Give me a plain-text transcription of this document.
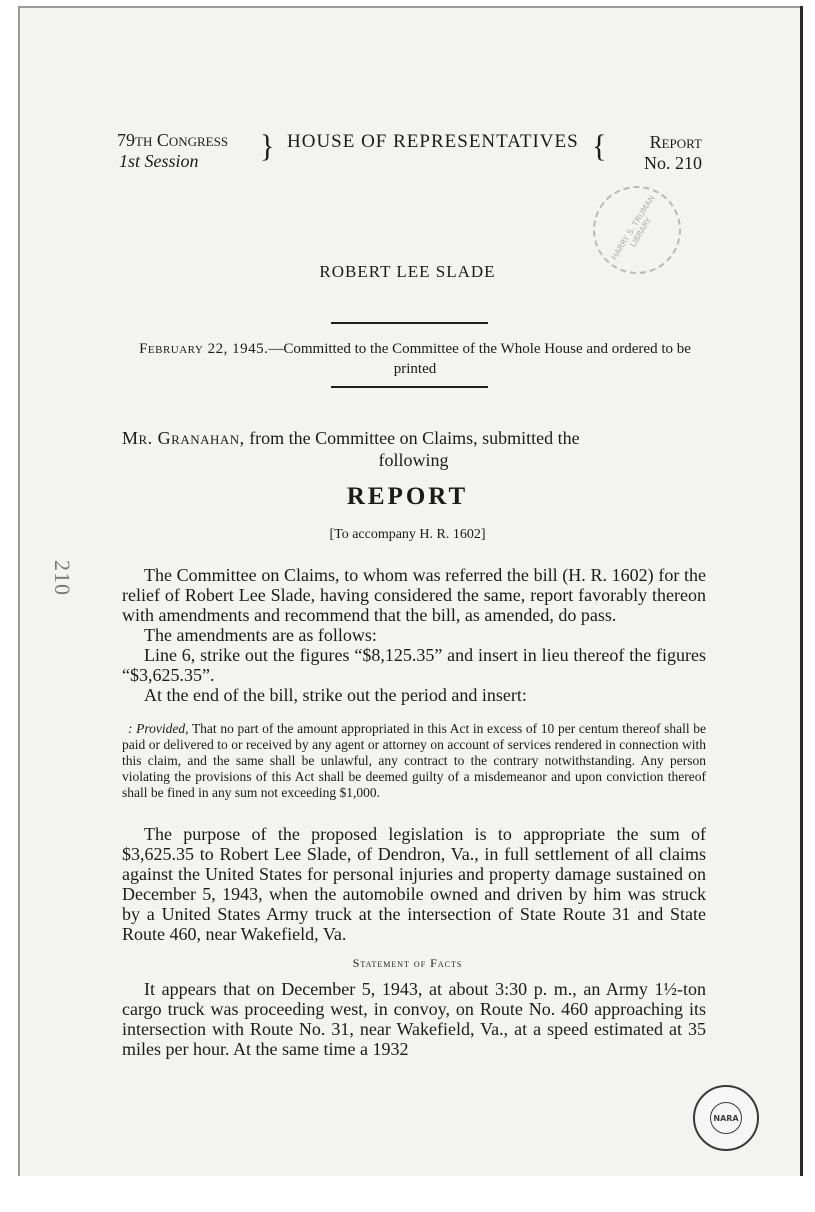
79th Congress
1st Session	} HOUSE OF REPRESENTATIVES {	Report
No. 210
HARRY S. TRUMAN LIBRARY
ROBERT LEE SLADE
February 22, 1945.—Committed to the Committee of the Whole House and ordered to be printed
Mr. Granahan, from the Committee on Claims, submitted the
following
REPORT
[To accompany H. R. 1602]
210	The Committee on Claims, to whom was referred the bill (H. R. 1602) for the relief of Robert Lee Slade, having considered the same, report favorably thereon with amendments and recommend that the bill, as amended, do pass.

The amendments are as follows:

Line 6, strike out the figures “$8,125.35” and insert in lieu thereof the figures “$3,625.35”.

At the end of the bill, strike out the period and insert:

: Provided, That no part of the amount appropriated in this Act in excess of 10 per centum thereof shall be paid or delivered to or received by any agent or attorney on account of services rendered in connection with this claim, and the same shall be unlawful, any contract to the contrary notwithstanding. Any person violating the provisions of this Act shall be deemed guilty of a misdemeanor and upon conviction thereof shall be fined in any sum not exceeding $1,000.

The purpose of the proposed legislation is to appropriate the sum of $3,625.35 to Robert Lee Slade, of Dendron, Va., in full settlement of all claims against the United States for personal injuries and property damage sustained on December 5, 1943, when the automobile owned and driven by him was struck by a United States Army truck at the intersection of State Route 31 and State Route 460, near Wakefield, Va.

Statement of Facts

It appears that on December 5, 1943, at about 3:30 p. m., an Army 1½-ton cargo truck was proceeding west, in convoy, on Route No. 460 approaching its intersection with Route No. 31, near Wakefield, Va., at a speed estimated at 35 miles per hour. At the same time a 1932

NARA
